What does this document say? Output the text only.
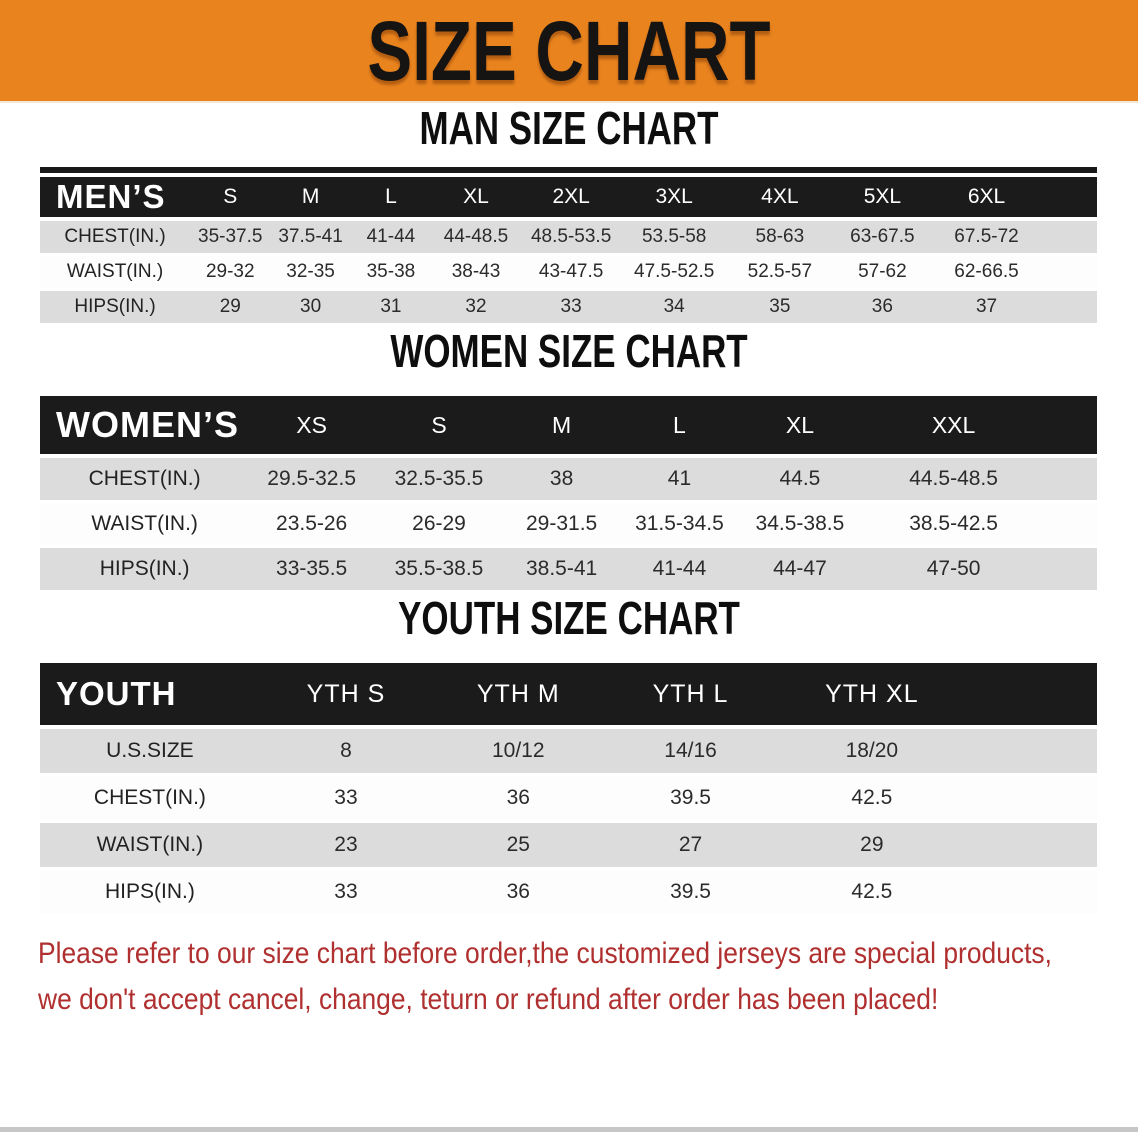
SIZE CHART
MAN SIZE CHART
MEN’S	S	M	L	XL	2XL	3XL	4XL	5XL	6XL
CHEST(IN.)	35-37.5	37.5-41	41-44	44-48.5	48.5-53.5	53.5-58	58-63	63-67.5	67.5-72
WAIST(IN.)	29-32	32-35	35-38	38-43	43-47.5	47.5-52.5	52.5-57	57-62	62-66.5
HIPS(IN.)	29	30	31	32	33	34	35	36	37
WOMEN SIZE CHART
WOMEN’S	XS	S	M	L	XL	XXL
CHEST(IN.)	29.5-32.5	32.5-35.5	38	41	44.5	44.5-48.5
WAIST(IN.)	23.5-26	26-29	29-31.5	31.5-34.5	34.5-38.5	38.5-42.5
HIPS(IN.)	33-35.5	35.5-38.5	38.5-41	41-44	44-47	47-50
YOUTH SIZE CHART
YOUTH	YTH S	YTH M	YTH L	YTH XL
U.S.SIZE	8	10/12	14/16	18/20
CHEST(IN.)	33	36	39.5	42.5
WAIST(IN.)	23	25	27	29
HIPS(IN.)	33	36	39.5	42.5

Please refer to our size chart before order,the customized jerseys are special products,

we don't accept cancel, change, teturn or refund after order has been placed!
